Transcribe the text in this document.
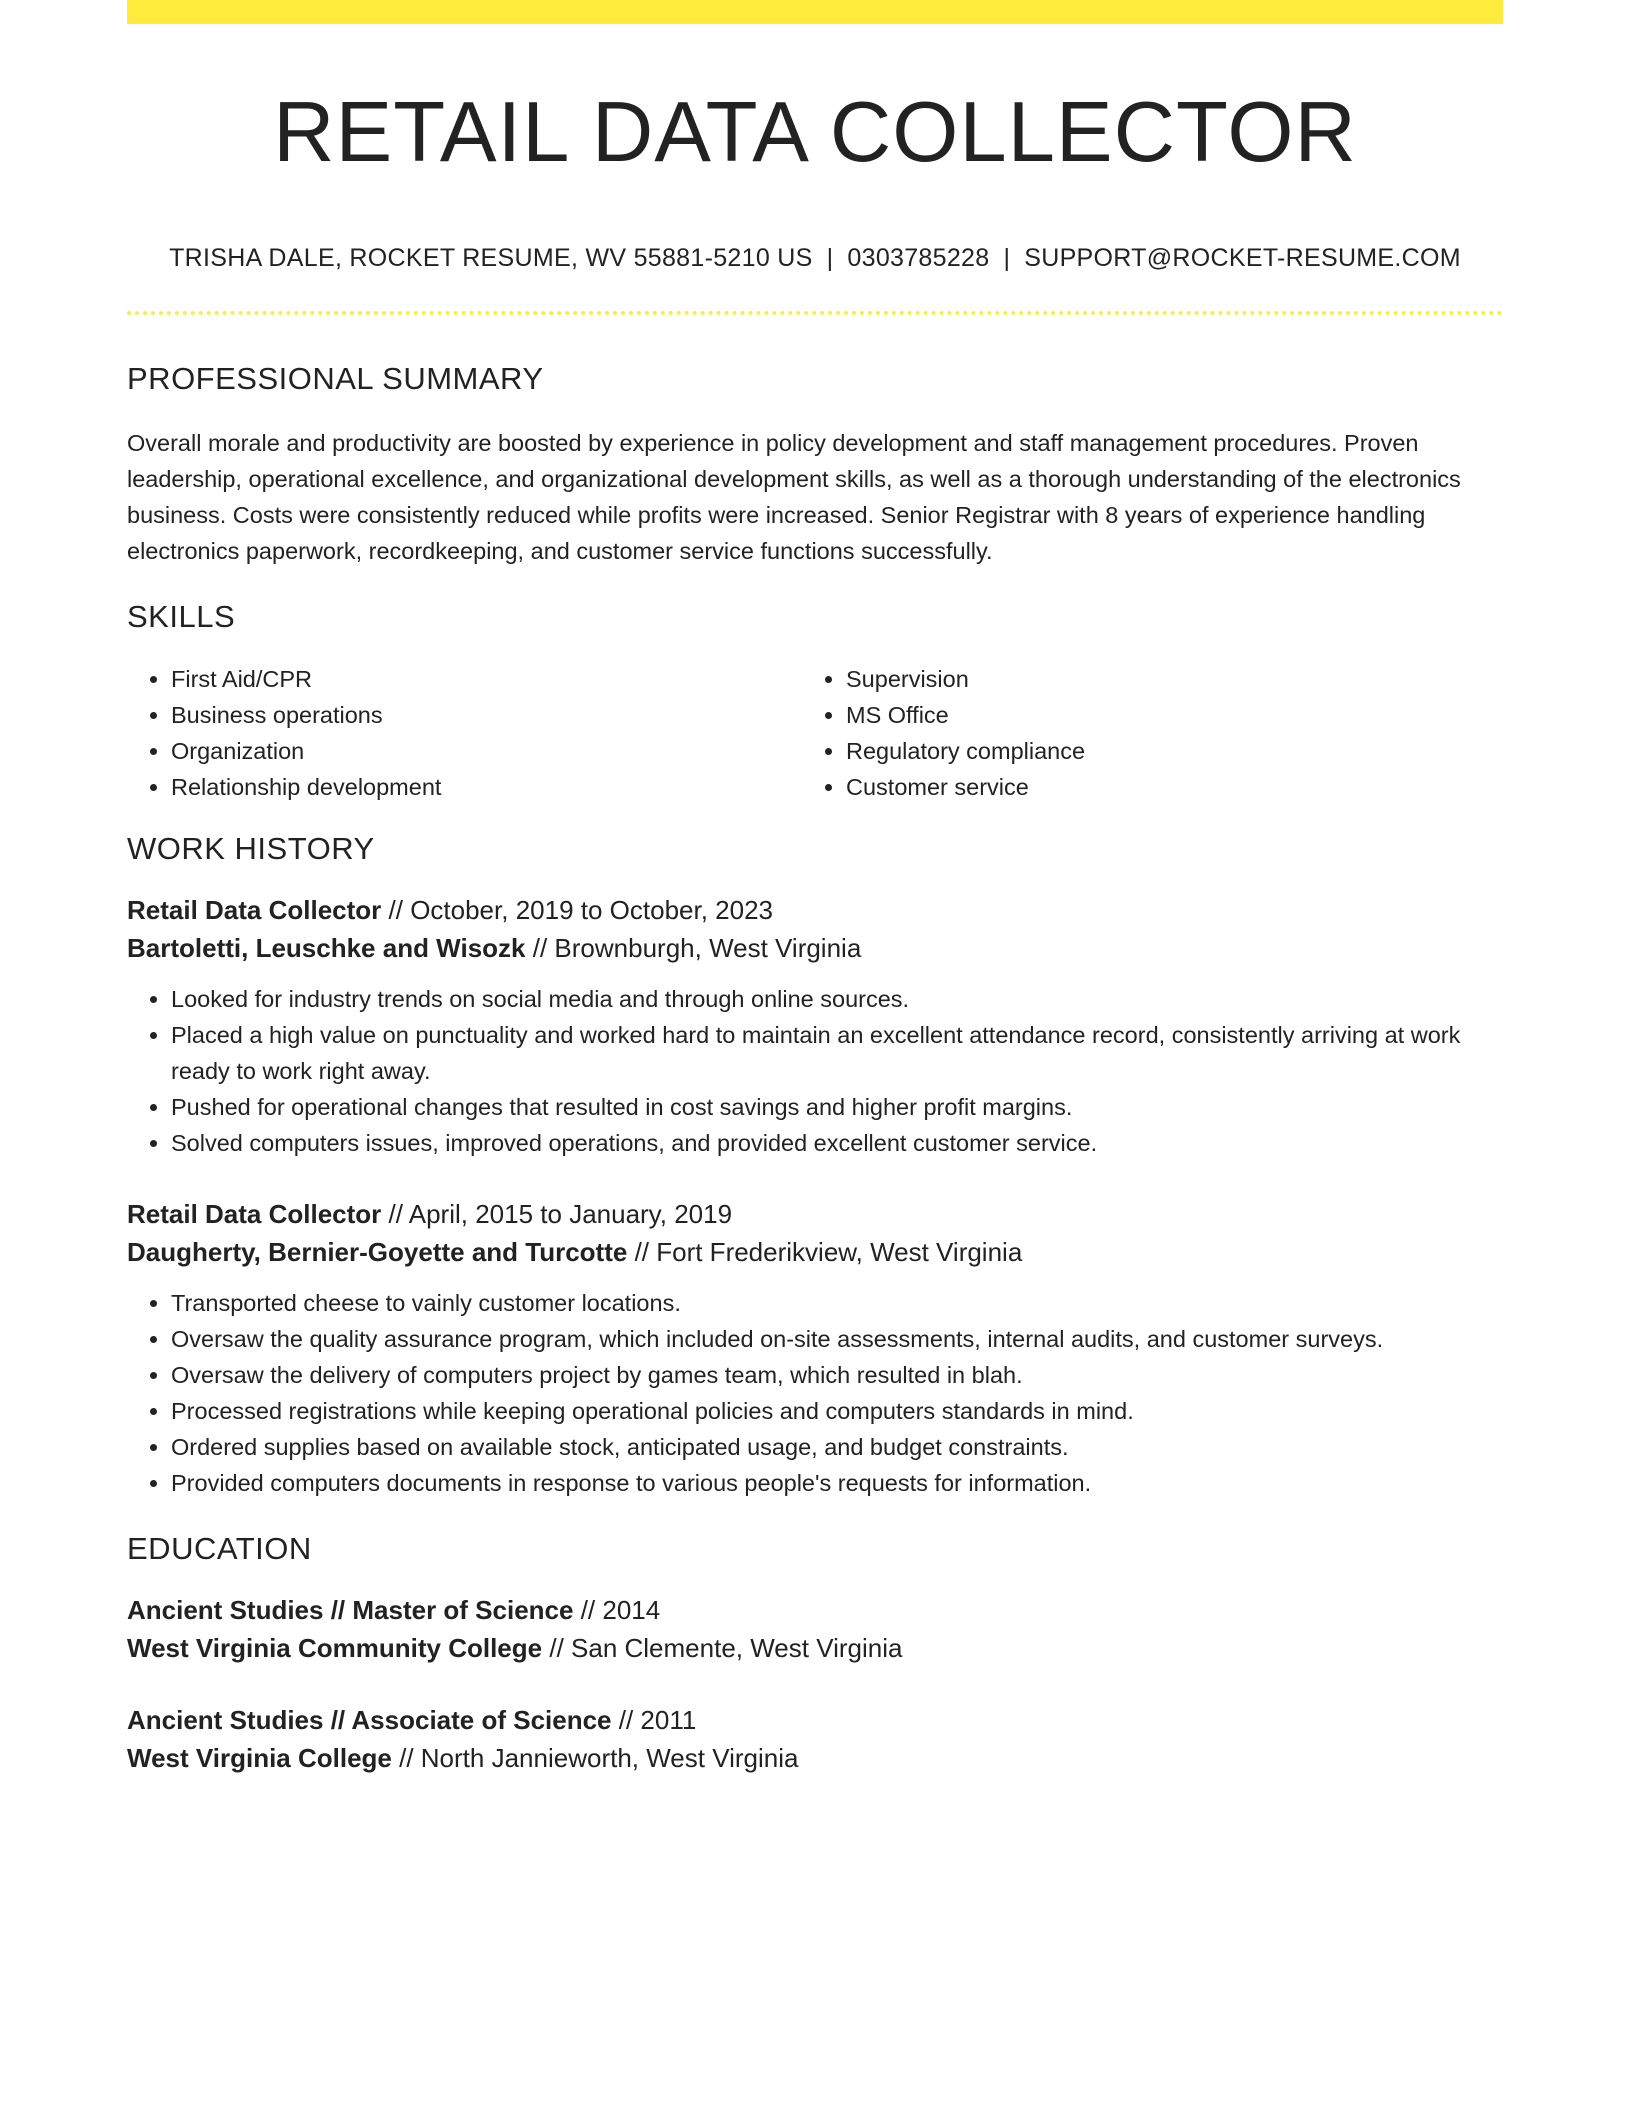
RETAIL DATA COLLECTOR
TRISHA DALE, ROCKET RESUME, WV 55881-5210 US | 0303785228 | SUPPORT@ROCKET-RESUME.COM
PROFESSIONAL SUMMARY

Overall morale and productivity are boosted by experience in policy development and staff management procedures. Proven leadership, operational excellence, and organizational development skills, as well as a thorough understanding of the electronics business. Costs were consistently reduced while profits were increased. Senior Registrar with 8 years of experience handling electronics paperwork, recordkeeping, and customer service functions successfully.

SKILLS
• First Aid/CPR
• Business operations
• Organization
• Relationship development
• Supervision
• MS Office
• Regulatory compliance
• Customer service
WORK HISTORY
Retail Data Collector // October, 2019 to October, 2023
Bartoletti, Leuschke and Wisozk // Brownburgh, West Virginia
• Looked for industry trends on social media and through online sources.
• Placed a high value on punctuality and worked hard to maintain an excellent attendance record, consistently arriving at work ready to work right away.
• Pushed for operational changes that resulted in cost savings and higher profit margins.
• Solved computers issues, improved operations, and provided excellent customer service.
Retail Data Collector // April, 2015 to January, 2019
Daugherty, Bernier-Goyette and Turcotte // Fort Frederikview, West Virginia
• Transported cheese to vainly customer locations.
• Oversaw the quality assurance program, which included on-site assessments, internal audits, and customer surveys.
• Oversaw the delivery of computers project by games team, which resulted in blah.
• Processed registrations while keeping operational policies and computers standards in mind.
• Ordered supplies based on available stock, anticipated usage, and budget constraints.
• Provided computers documents in response to various people's requests for information.
EDUCATION
Ancient Studies // Master of Science // 2014
West Virginia Community College // San Clemente, West Virginia
Ancient Studies // Associate of Science // 2011
West Virginia College // North Jannieworth, West Virginia
